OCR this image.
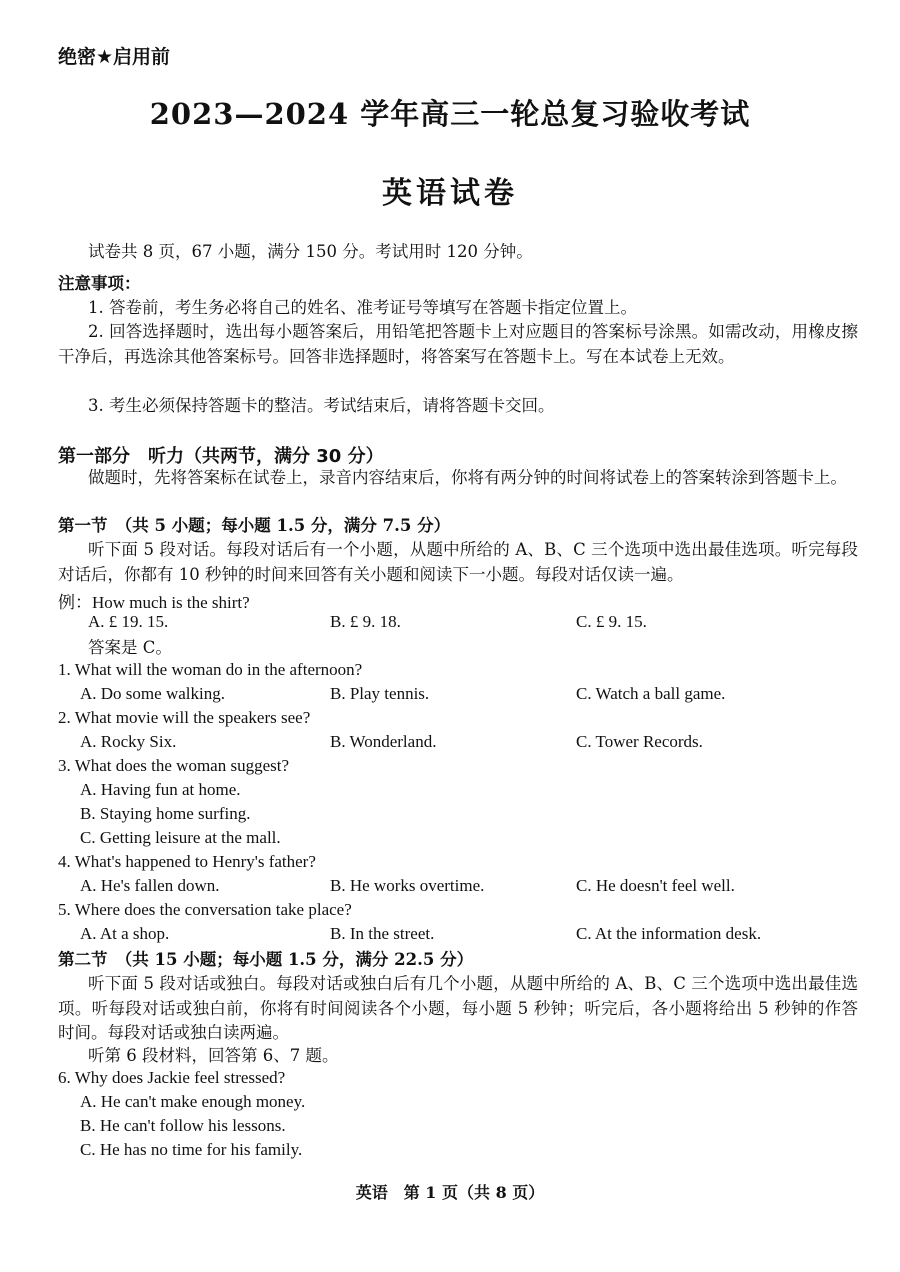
绝密★启用前
2023—2024 学年高三一轮总复习验收考试
英语试卷
试卷共 8 页，67 小题，满分 150 分。考试用时 120 分钟。
注意事项：
1. 答卷前，考生务必将自己的姓名、准考证号等填写在答题卡指定位置上。
2. 回答选择题时，选出每小题答案后，用铅笔把答题卡上对应题目的答案标号涂黑。如需改动，用橡皮擦干净后，再选涂其他答案标号。回答非选择题时，将答案写在答题卡上。写在本试卷上无效。
3. 考生必须保持答题卡的整洁。考试结束后，请将答题卡交回。
第一部分　听力（共两节，满分 30 分）
做题时，先将答案标在试卷上，录音内容结束后，你将有两分钟的时间将试卷上的答案转涂到答题卡上。
第一节　（共 5 小题；每小题 1.5 分，满分 7.5 分）
听下面 5 段对话。每段对话后有一个小题，从题中所给的 A、B、C 三个选项中选出最佳选项。听完每段对话后，你都有 10 秒钟的时间来回答有关小题和阅读下一小题。每段对话仅读一遍。
例：How much is the shirt?
A. £ 19. 15.	B. £ 9. 18.	C. £ 9. 15.
答案是 C。
1. What will the woman do in the afternoon?
A. Do some walking.	B. Play tennis.	C. Watch a ball game.
2. What movie will the speakers see?
A. Rocky Six.	B. Wonderland.	C. Tower Records.
3. What does the woman suggest?
A. Having fun at home.
B. Staying home surfing.
C. Getting leisure at the mall.
4. What's happened to Henry's father?
A. He's fallen down.	B. He works overtime.	C. He doesn't feel well.
5. Where does the conversation take place?
A. At a shop.	B. In the street.	C. At the information desk.
第二节　（共 15 小题；每小题 1.5 分，满分 22.5 分）
听下面 5 段对话或独白。每段对话或独白后有几个小题，从题中所给的 A、B、C 三个选项中选出最佳选项。听每段对话或独白前，你将有时间阅读各个小题，每小题 5 秒钟；听完后，各小题将给出 5 秒钟的作答时间。每段对话或独白读两遍。
听第 6 段材料，回答第 6、7 题。
6. Why does Jackie feel stressed?
A. He can't make enough money.
B. He can't follow his lessons.
C. He has no time for his family.
英语　第 1 页（共 8 页）
